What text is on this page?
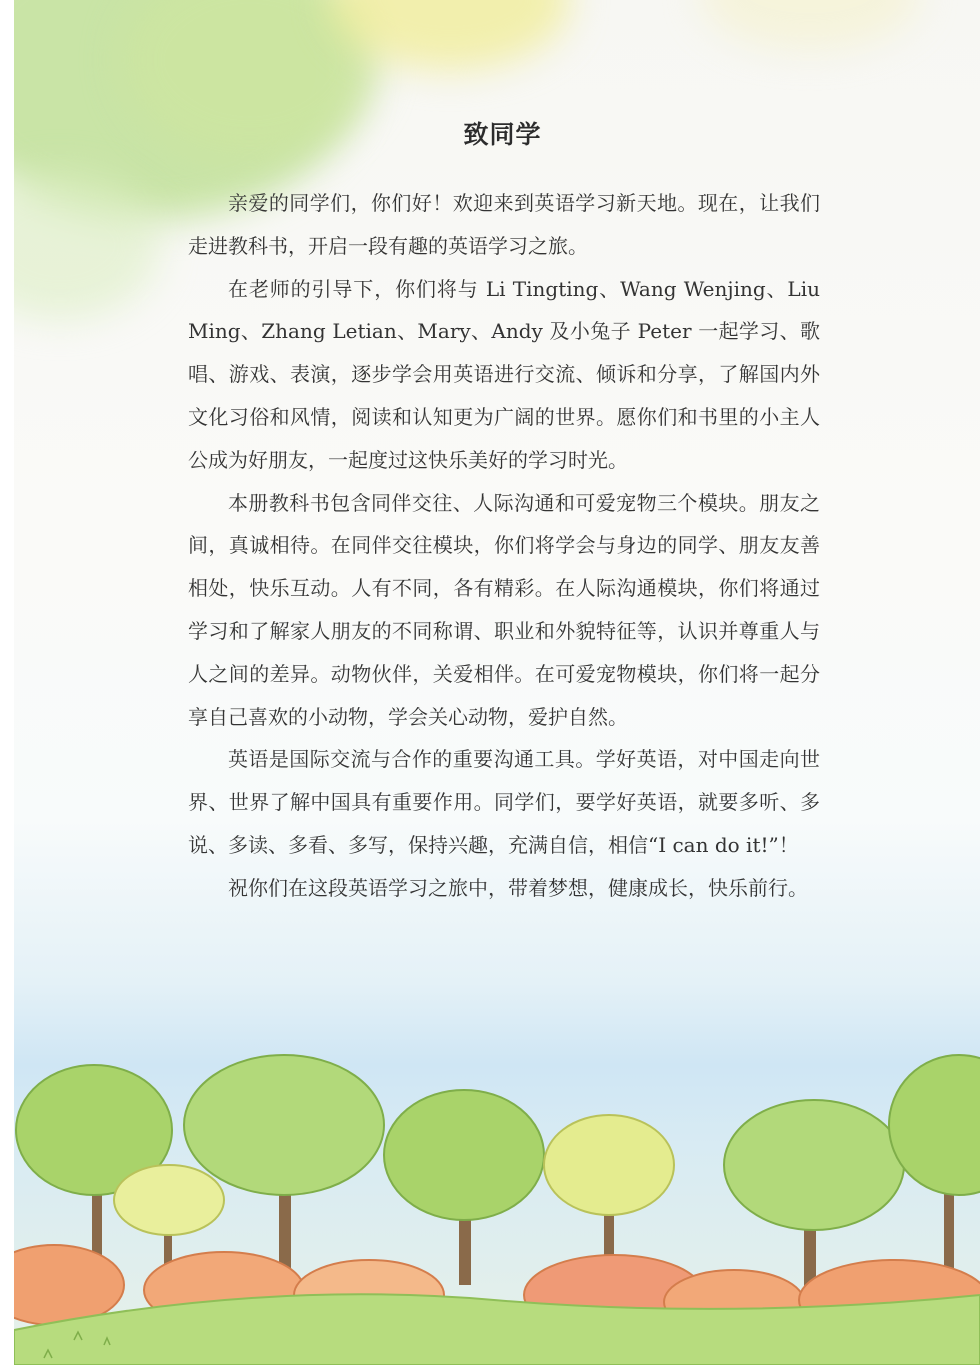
致同学

亲爱的同学们，你们好！欢迎来到英语学习新天地。现在，让我们走进教科书，开启一段有趣的英语学习之旅。

在老师的引导下，你们将与 Li Tingting、Wang Wenjing、Liu Ming、Zhang Letian、Mary、Andy 及小兔子 Peter 一起学习、歌唱、游戏、表演，逐步学会用英语进行交流、倾诉和分享，了解国内外文化习俗和风情，阅读和认知更为广阔的世界。愿你们和书里的小主人公成为好朋友，一起度过这快乐美好的学习时光。

本册教科书包含同伴交往、人际沟通和可爱宠物三个模块。朋友之间，真诚相待。在同伴交往模块，你们将学会与身边的同学、朋友友善相处，快乐互动。人有不同，各有精彩。在人际沟通模块，你们将通过学习和了解家人朋友的不同称谓、职业和外貌特征等，认识并尊重人与人之间的差异。动物伙伴，关爱相伴。在可爱宠物模块，你们将一起分享自己喜欢的小动物，学会关心动物，爱护自然。

英语是国际交流与合作的重要沟通工具。学好英语，对中国走向世界、世界了解中国具有重要作用。同学们，要学好英语，就要多听、多说、多读、多看、多写，保持兴趣，充满自信，相信“I can do it!”！

祝你们在这段英语学习之旅中，带着梦想，健康成长，快乐前行。
